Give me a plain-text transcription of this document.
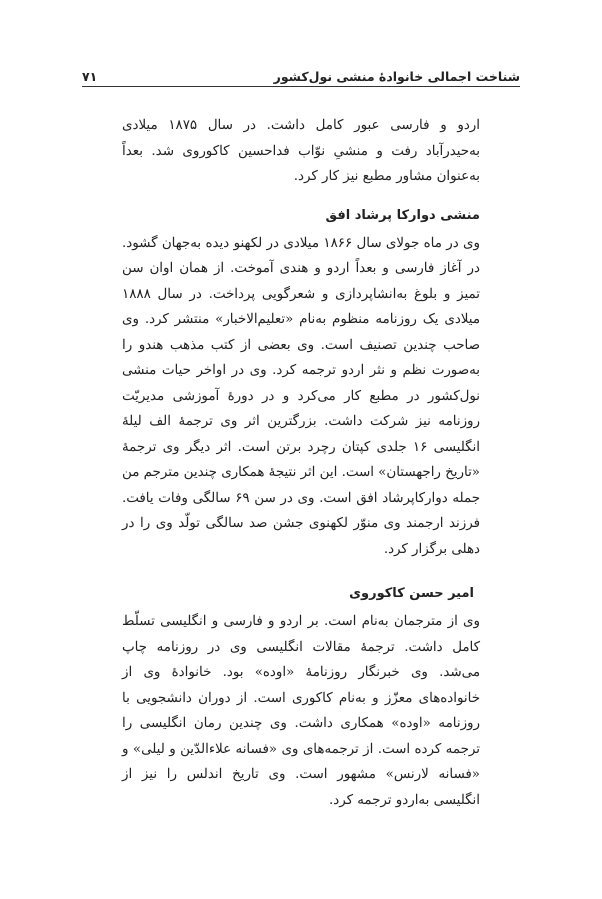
شناخت اجمالی خانوادهٔ منشی نول‌کشور
۷۱

اردو و فارسی عبور کامل داشت. در سال ۱۸۷۵ میلادی به‌حیدرآباد رفت و منشیِ نوّاب فداحسین کاکوروی شد. بعداً به‌عنوان مشاور مطبع نیز کار کرد.

منشی دوارکا پرشاد افق

وی در ماه جولای سال ۱۸۶۶ میلادی در لکهنو دیده به‌جهان گشود. در آغاز فارسی و بعداً اردو و هندی آموخت. از همان اوان سن تمیز و بلوغ به‌انشاپردازی و شعرگویی پرداخت. در سال ۱۸۸۸ میلادی یک روزنامه منظوم به‌نام «تعلیم‌الاخبار» منتشر کرد. وی صاحب چندین تصنیف است. وی بعضی از کتب مذهب هندو را به‌صورت نظم و نثر اردو ترجمه کرد. وی در اواخر حیات منشی نول‌کشور در مطبع کار می‌کرد و در دورهٔ آموزشی مدیریّت روزنامه نیز شرکت داشت. بزرگترین اثر وی ترجمهٔ الف لیلهٔ انگلیسی ۱۶ جلدی کپتان رچرد برتن است. اثر دیگر وی ترجمهٔ «تاریخ راجهستان» است. این اثر نتیجهٔ همکاری چندین مترجم من جمله دوارکاپرشاد افق است. وی در سن ۶۹ سالگی وفات یافت. فرزند ارجمند وی منوّر لکهنوی جشن صد سالگی تولّد وی را در دهلی برگزار کرد.

امیر حسن کاکوروی

وی از مترجمان به‌نام است. بر اردو و فارسی و انگلیسی تسلّط کامل داشت. ترجمهٔ مقالات انگلیسی وی در روزنامه چاپ می‌شد. وی خبرنگار روزنامهٔ «اوده» بود. خانوادهٔ وی از خانواده‌های معزّز و به‌نام کاکوری است. از دوران دانشجویی با روزنامه «اوده» همکاری داشت. وی چندین رمان انگلیسی را ترجمه کرده است. از ترجمه‌های وی «فسانه علاءالدّین و لیلی» و «فسانه لارنس» مشهور است. وی تاریخ اندلس را نیز از انگلیسی به‌اردو ترجمه کرد.
